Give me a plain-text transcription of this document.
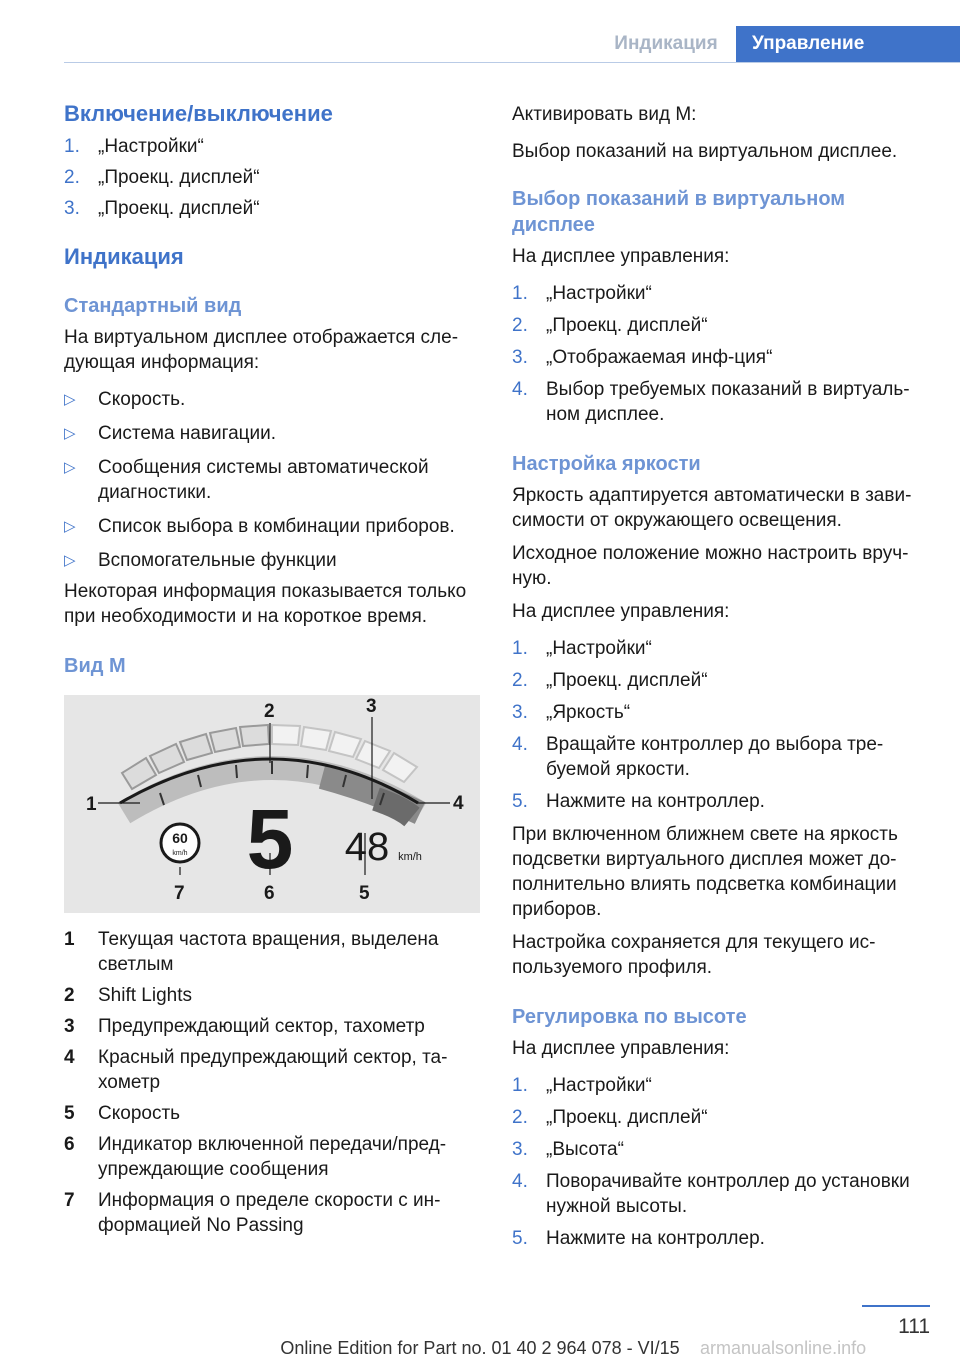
Индикация	Управление
Включение/выключение
1. „Настройки“
2. „Проекц. дисплей“
3. „Проекц. дисплей“
Индикация
Стандартный вид

На виртуальном дисплее отображается сле-дующая информация:

▷	Скорость.
▷	Система навигации.
▷	Сообщения системы автоматической диагностики.
▷	Список выбора в комбинации приборов.
▷	Вспомогательные функции

Некоторая информация показывается только при необходимости и на короткое время.

Вид М
60
km/h 5 48 km/h
1
2	3
4
5
6
7
1	Текущая частота вращения, выделена светлым
2	Shift Lights
3	Предупреждающий сектор, тахометр
4	Красный предупреждающий сектор, та-хометр
5	Скорость
6	Индикатор включенной передачи/пред-упреждающие сообщения
7	Информация о пределе скорости с ин-формацией No Passing

Активировать вид М:

Выбор показаний на виртуальном дисплее.

Выбор показаний в виртуальном дисплее

На дисплее управления:

1. „Настройки“
2. „Проекц. дисплей“
3. „Отображаемая инф-ция“
4. Выбор требуемых показаний в виртуаль-ном дисплее.
Настройка яркости

Яркость адаптируется автоматически в зави-симости от окружающего освещения.

Исходное положение можно настроить вруч-ную.

На дисплее управления:

1. „Настройки“
2. „Проекц. дисплей“
3. „Яркость“
4. Вращайте контроллер до выбора тре-буемой яркости.
5. Нажмите на контроллер.

При включенном ближнем свете на яркость подсветки виртуального дисплея может до-полнительно влиять подсветка комбинации приборов.

Настройка сохраняется для текущего ис-пользуемого профиля.

Регулировка по высоте

На дисплее управления:

1. „Настройки“
2. „Проекц. дисплей“
3. „Высота“
4. Поворачивайте контроллер до установки нужной высоты.
5. Нажмите на контроллер.
111
Online Edition for Part no. 01 40 2 964 078 - VI/15	armanualsonline.info
